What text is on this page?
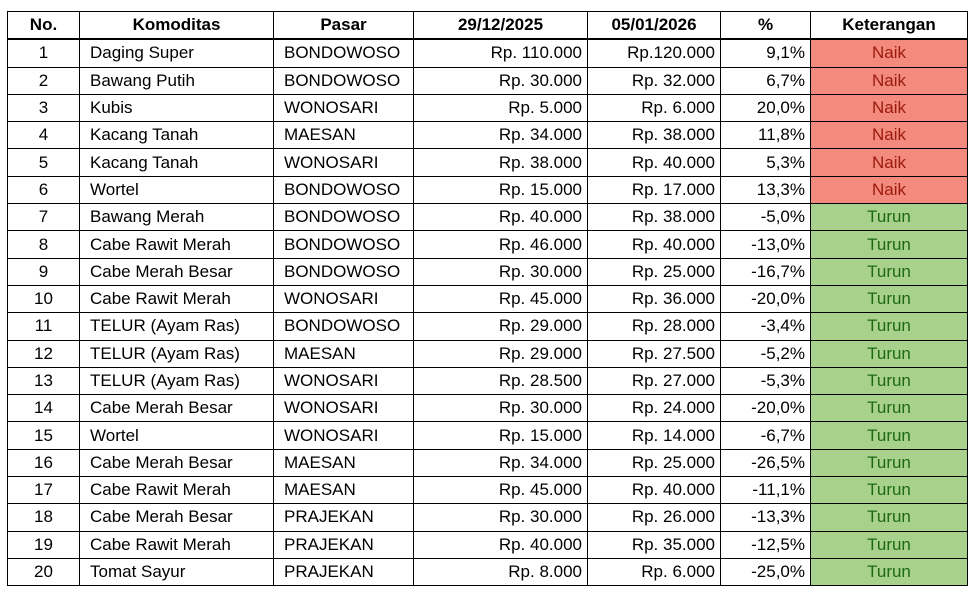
No.	Komoditas	Pasar	29/12/2025	05/01/2026	%	Keterangan
1	Daging Super	BONDOWOSO	Rp. 110.000	Rp.120.000	9,1%	Naik
2	Bawang Putih	BONDOWOSO	Rp. 30.000	Rp. 32.000	6,7%	Naik
3	Kubis	WONOSARI	Rp. 5.000	Rp. 6.000	20,0%	Naik
4	Kacang Tanah	MAESAN	Rp. 34.000	Rp. 38.000	11,8%	Naik
5	Kacang Tanah	WONOSARI	Rp. 38.000	Rp. 40.000	5,3%	Naik
6	Wortel	BONDOWOSO	Rp. 15.000	Rp. 17.000	13,3%	Naik
7	Bawang Merah	BONDOWOSO	Rp. 40.000	Rp. 38.000	-5,0%	Turun
8	Cabe Rawit Merah	BONDOWOSO	Rp. 46.000	Rp. 40.000	-13,0%	Turun
9	Cabe Merah Besar	BONDOWOSO	Rp. 30.000	Rp. 25.000	-16,7%	Turun
10	Cabe Rawit Merah	WONOSARI	Rp. 45.000	Rp. 36.000	-20,0%	Turun
11	TELUR (Ayam Ras)	BONDOWOSO	Rp. 29.000	Rp. 28.000	-3,4%	Turun
12	TELUR (Ayam Ras)	MAESAN	Rp. 29.000	Rp. 27.500	-5,2%	Turun
13	TELUR (Ayam Ras)	WONOSARI	Rp. 28.500	Rp. 27.000	-5,3%	Turun
14	Cabe Merah Besar	WONOSARI	Rp. 30.000	Rp. 24.000	-20,0%	Turun
15	Wortel	WONOSARI	Rp. 15.000	Rp. 14.000	-6,7%	Turun
16	Cabe Merah Besar	MAESAN	Rp. 34.000	Rp. 25.000	-26,5%	Turun
17	Cabe Rawit Merah	MAESAN	Rp. 45.000	Rp. 40.000	-11,1%	Turun
18	Cabe Merah Besar	PRAJEKAN	Rp. 30.000	Rp. 26.000	-13,3%	Turun
19	Cabe Rawit Merah	PRAJEKAN	Rp. 40.000	Rp. 35.000	-12,5%	Turun
20	Tomat Sayur	PRAJEKAN	Rp. 8.000	Rp. 6.000	-25,0%	Turun
